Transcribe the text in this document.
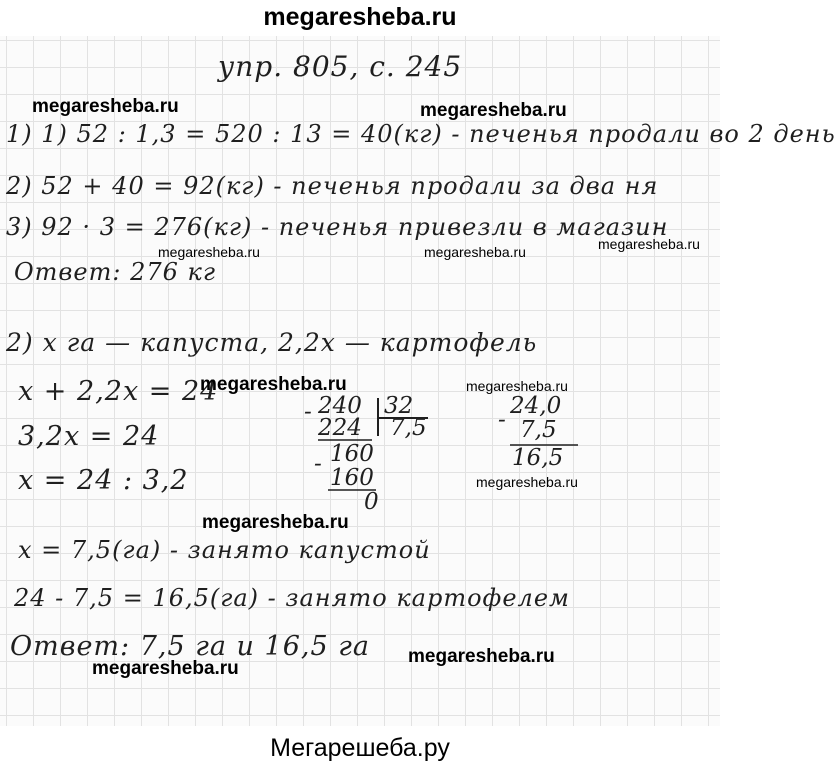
megaresheba.ru
упр. 805, с. 245
1) 1) 52 : 1,3 = 520 : 13 = 40(кг) - печенья продали во 2 день
2) 52 + 40 = 92(кг) - печенья продали за два ня
3) 92 · 3 = 276(кг) - печенья привезли в магазин
Ответ: 276 кг
2) x га — капуста, 2,2x — картофель
x + 2,2x = 24
3,2x = 24
x = 24 : 3,2
x = 7,5(га) - занято капустой
24 - 7,5 = 16,5(га) - занято картофелем
Ответ: 7,5 га и 16,5 га
240 32
-
224 7,5
160
-
160
0
24,0
- 7,5
16,5
megaresheba.ru	megaresheba.ru
megaresheba.ru	megaresheba.ru	megaresheba.ru
megaresheba.ru	megaresheba.ru
megaresheba.ru
megaresheba.ru
megaresheba.ru
megaresheba.ru
Мегарешеба.ру
